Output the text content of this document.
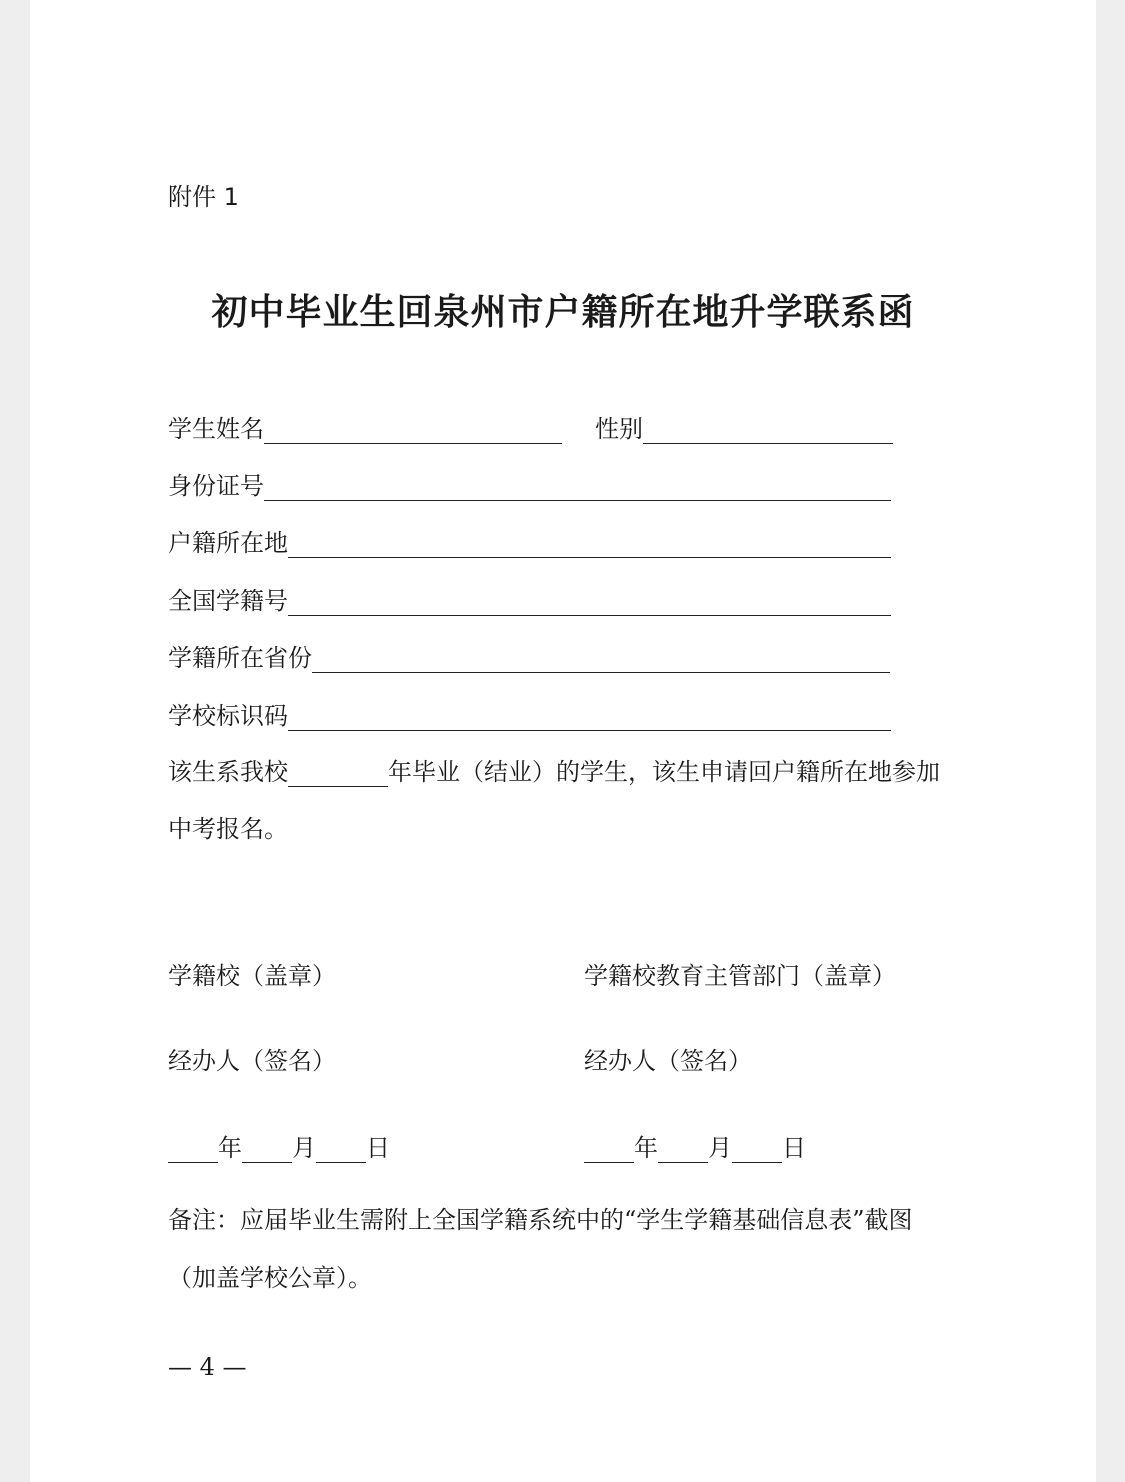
附件 1
初中毕业生回泉州市户籍所在地升学联系函
学生姓名	性别
身份证号
户籍所在地
全国学籍号
学籍所在省份
学校标识码
该生系我校	年毕业（结业）的学生，该生申请回户籍所在地参加
中考报名。
学籍校（盖章）
经办人（签名）
年 月 日
学籍校教育主管部门（盖章）
经办人（签名）
年 月 日
备注：应届毕业生需附上全国学籍系统中的“学生学籍基础信息表”截图
（加盖学校公章）。
— 4 —
